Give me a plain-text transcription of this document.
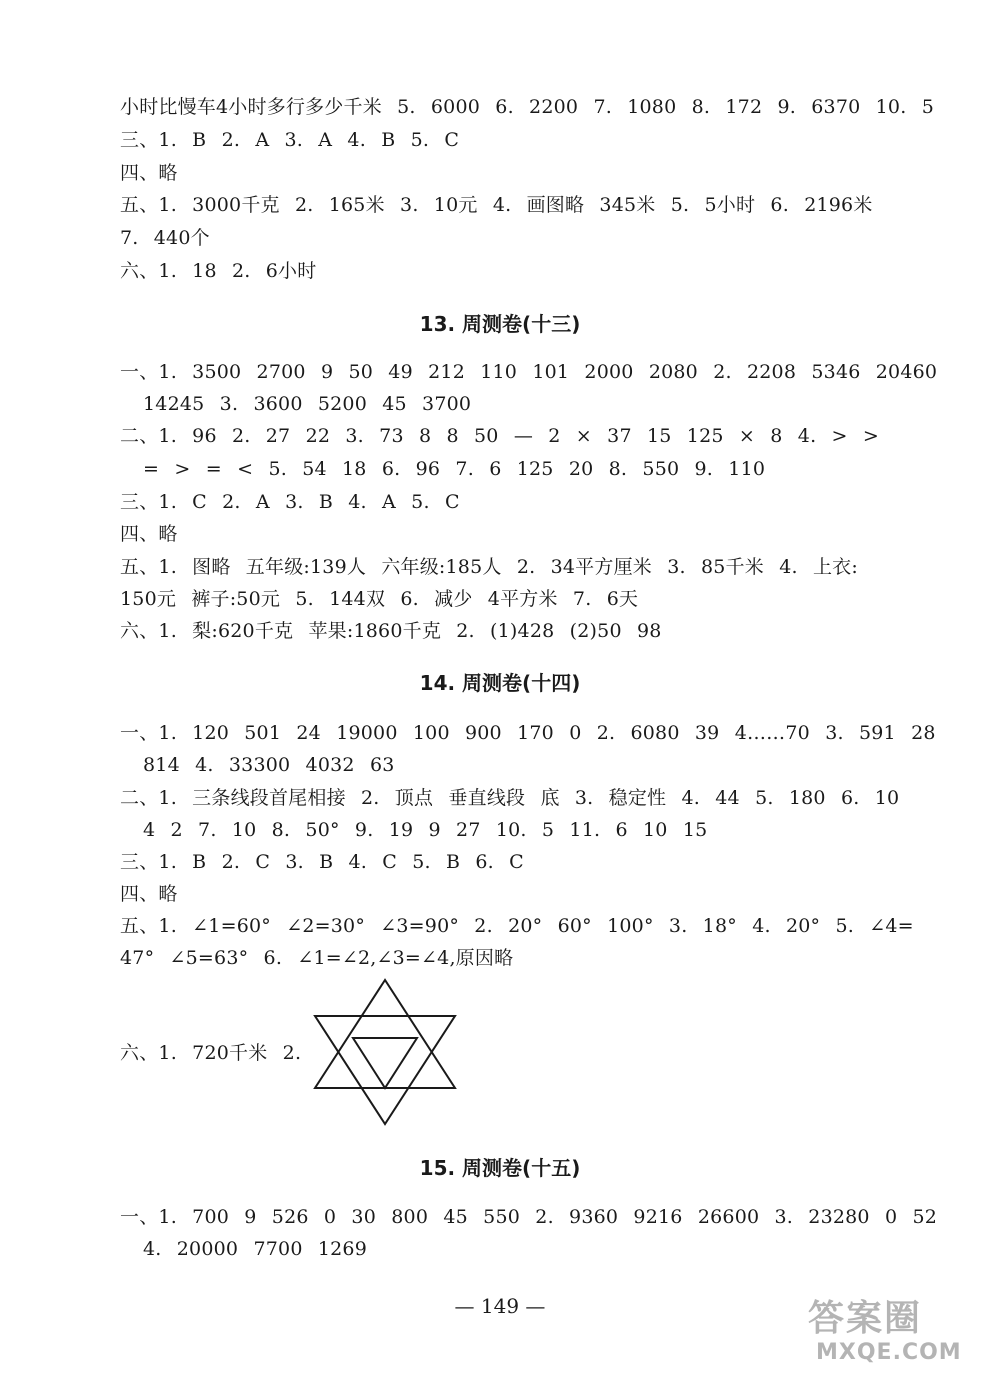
小时比慢车4小时多行多少千米 5. 6000 6. 2200 7. 1080 8. 172 9. 6370 10. 5
三、1. B 2. A 3. A 4. B 5. C
四、略
五、1. 3000千克 2. 165米 3. 10元 4. 画图略 345米 5. 5小时 6. 2196米
7. 440个
六、1. 18 2. 6小时
13. 周测卷(十三)
一、1. 3500 2700 9 50 49 212 110 101 2000 2080 2. 2208 5346 20460
14245 3. 3600 5200 45 3700
二、1. 96 2. 27 22 3. 73 8 8 50 — 2 × 37 15 125 × 8 4. > >
= > = < 5. 54 18 6. 96 7. 6 125 20 8. 550 9. 110
三、1. C 2. A 3. B 4. A 5. C
四、略
五、1. 图略 五年级:139人 六年级:185人 2. 34平方厘米 3. 85千米 4. 上衣:
150元 裤子:50元 5. 144双 6. 减少 4平方米 7. 6天
六、1. 梨:620千克 苹果:1860千克 2. (1)428 (2)50 98
14. 周测卷(十四)
一、1. 120 501 24 19000 100 900 170 0 2. 6080 39 4……70 3. 591 28
814 4. 33300 4032 63
二、1. 三条线段首尾相接 2. 顶点 垂直线段 底 3. 稳定性 4. 44 5. 180 6. 10
4 2 7. 10 8. 50° 9. 19 9 27 10. 5 11. 6 10 15
三、1. B 2. C 3. B 4. C 5. B 6. C
四、略
五、1. ∠1=60° ∠2=30° ∠3=90° 2. 20° 60° 100° 3. 18° 4. 20° 5. ∠4=
47° ∠5=63° 6. ∠1=∠2,∠3=∠4,原因略
六、1. 720千米 2.
15. 周测卷(十五)
一、1. 700 9 526 0 30 800 45 550 2. 9360 9216 26600 3. 23280 0 52
4. 20000 7700 1269
— 149 —	答案圈
MXQE.COM
